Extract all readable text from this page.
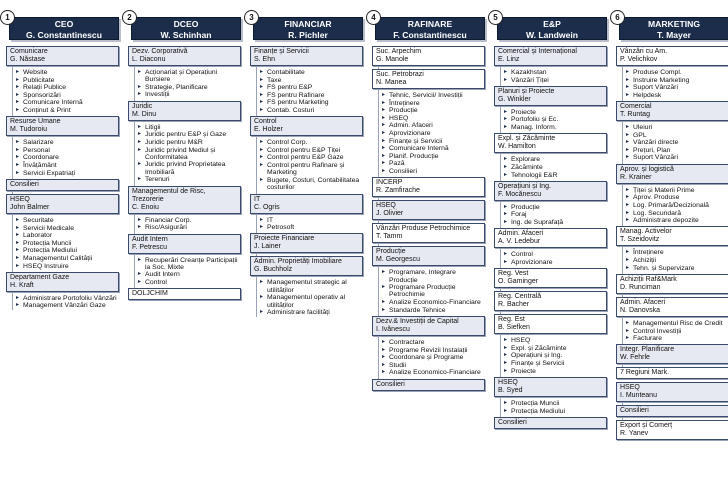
1
CEO
G. Constantinescu
Comunicare
G. Năstase
▸ Website
▸ Publicitate
▸ Relații Publice
▸ Sponsorizări
▸ Comunicare Internă
▸ Conținut & Print
Resurse Umane
M. Tudoroiu
▸ Salarizare
▸ Personal
▸ Coordonare
▸ Învățământ
▸ Servicii Expatriați
Consilieri
HSEQ
John Balmer
▸ Securitate
▸ Servicii Medicale
▸ Laborator
▸ Protecția Muncii
▸ Protecția Mediului
▸ Managementul Calității
▸ HSEQ Instruire
Departament Gaze
H. Kraft
▸ Administrare Portofoliu Vânzări
▸ Management Vânzări Gaze
2
DCEO
W. Schinhan
Dezv. Corporativă
L. Diaconu
▸ Acționariat și Operațiuni Bursiere
▸ Strategie, Planificare
▸ Investiții
Juridic
M. Dinu
▸ Litigii
▸ Juridic pentru E&P și Gaze
▸ Juridic pentru M&R
▸ Juridic privind Mediul și Conformitatea
▸ Juridic privind Proprietatea Imobiliară
▸ Terenuri
Managementul de Risc, Trezorerie
C. Enoiu
▸ Financiar Corp.
▸ Risc/Asigurări
Audit Intern
F. Petrescu
▸ Recuperări Creanțe Participații la Soc. Mixte
▸ Audit Intern
▸ Control
DOLJCHIM
3
FINANCIAR
R. Pichler
Finanțe și Servicii
S. Ehn
▸ Contabilitate
▸ Taxe
▸ FS pentru E&P
▸ FS pentru Rafinare
▸ FS pentru Marketing
▸ Contab. Costuri
Control
E. Holzer
▸ Control Corp.
▸ Control pentru E&P Țiței
▸ Control pentru E&P Gaze
▸ Control pentru Rafinare și Marketing
▸ Bugete, Costuri, Contabilitatea costurilor
IT
C. Ogris
▸ IT
▸ Petrosoft
Proiecte Financiare
J. Lainer
Admin. Proprietăți Imobiliare
G. Buchholz
▸ Managementul strategic al utilităților
▸ Managementul operativ al utilităților
▸ Administrare facilități
4
RAFINARE
F. Constantinescu
Suc. Arpechim
G. Manole
Suc. Petrobrazi
N. Manea
▸ Tehnic, Servicii/ Investiții
▸ Întreținere
▸ Producție
▸ HSEQ
▸ Admin. Afaceri
▸ Aprovizionare
▸ Finanțe și Servicii
▸ Comunicare Internă
▸ Planif. Producție
▸ Pază
▸ Consilieri
INCERP
R. Zamfirache
HSEQ
J. Olivier
Vânzări Produse Petrochimice
T. Tamm
Producție
M. Georgescu
▸ Programare, Integrare Producție
▸ Programare Producție Petrochimie
▸ Analize Economico-Financiare
▸ Standarde Tehnice
Dezv.& Investiții de Capital
I. Ivănescu
▸ Contractare
▸ Programe Revizii Instalații
▸ Coordonare și Programe
▸ Studii
▸ Analize Economico-Financiare
Consilieri
5
E&P
W. Landwein
Comercial și Internațional
E. Linz
▸ Kazakhstan
▸ Vânzări Țiței
Planuri și Proiecte
G. Winkler
▸ Proiecte
▸ Portofoliu și Ec.
▸ Manag. Inform.
Expl. și Zăcăminte
W. Hamilton
▸ Explorare
▸ Zăcăminte
▸ Tehnologii E&R
Operațiuni și Ing.
F. Mocănescu
▸ Producție
▸ Foraj
▸ Ing. de Suprafață
Admin. Afaceri
A. V. Ledebur
▸ Control
▸ Aprovizionare
Reg. Vest
O. Gaminger
Reg. Centrală
R. Bacher
Reg. Est
B. Siefken
▸ HSEQ
▸ Expl. și Zăcăminte
▸ Operațiuni și Ing.
▸ Finanțe și Servicii
▸ Proiecte
HSEQ
B. Syed
▸ Protecția Muncii
▸ Protecția Mediului
Consilieri
6
MARKETING
T. Mayer
Vânzări cu Am.
P. Velichkov
▸ Produse Compl.
▸ Instruire Marketing
▸ Suport Vânzări
▸ Helpdesk
Comercial
T. Runtag
▸ Uleiuri
▸ GPL
▸ Vânzări directe
▸ Prețuri, Plan
▸ Suport Vânzări
Aprov. și logistică
R. Krainer
▸ Țiței și Materii Prime
▸ Aprov. Produse
▸ Log. Primară/Decizională
▸ Log. Secundară
▸ Administrare depozite
Manag. Activelor
T. Szeidovitz
▸ Întreținere
▸ Achiziții
▸ Tehn. și Supervizare
Achiziții Raf&Mark
D. Runciman
Admin. Afaceri
N. Danovska
▸ Managementul Risc de Credit
▸ Control Investiții
▸ Facturare
Integr. Planificare
W. Fehrle
7 Regiuni Mark.
HSEQ
I. Munteanu
Consilieri
Export și Comerț
R. Yanev
